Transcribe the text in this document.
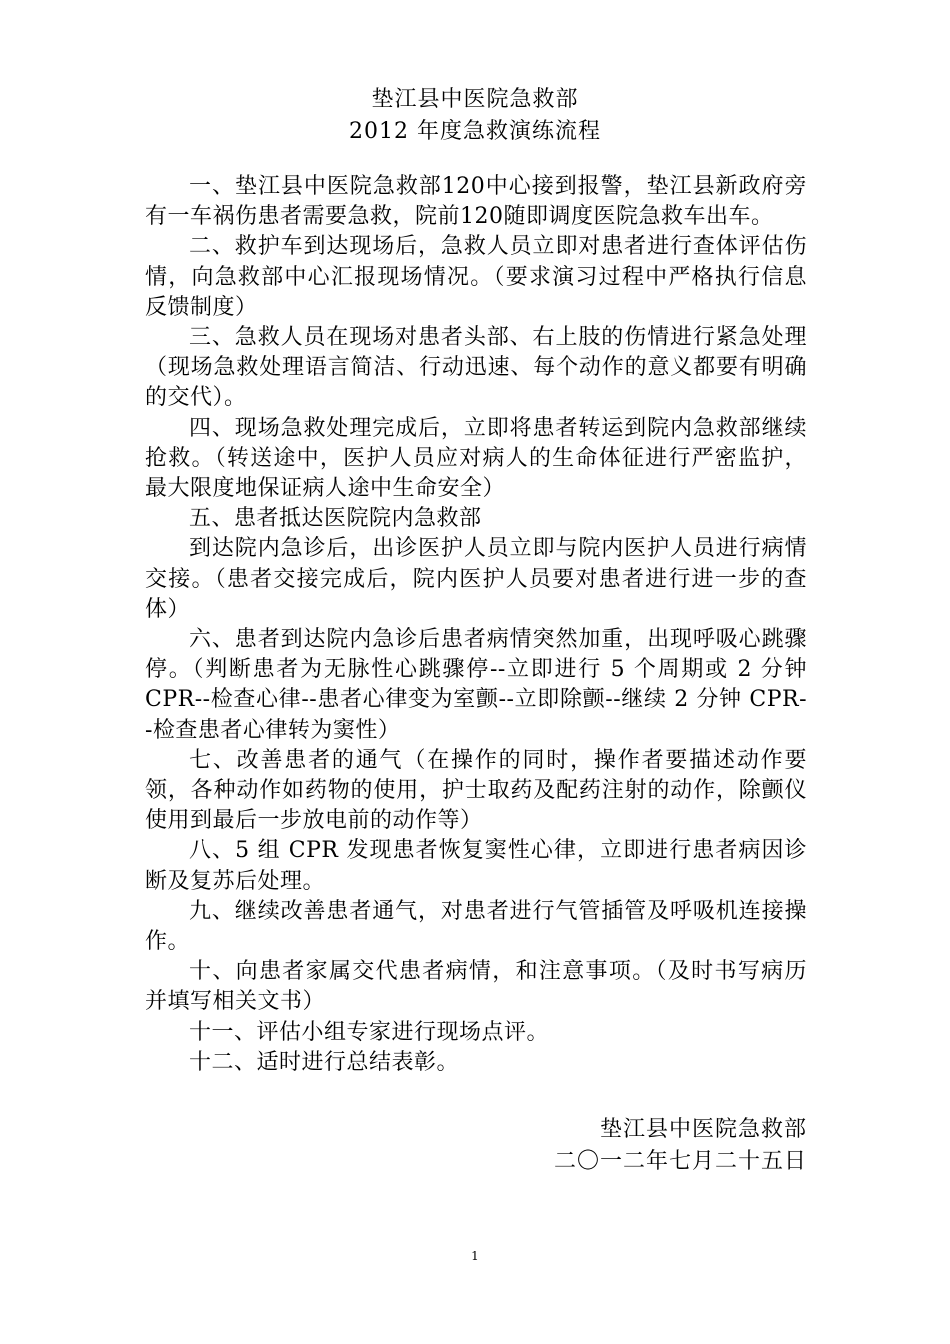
垫江县中医院急救部
2012 年度急救演练流程

一、垫江县中医院急救部120中心接到报警，垫江县新政府旁有一车祸伤患者需要急救，院前120随即调度医院急救车出车。

二、救护车到达现场后，急救人员立即对患者进行查体评估伤情，向急救部中心汇报现场情况。（要求演习过程中严格执行信息反馈制度）

三、急救人员在现场对患者头部、右上肢的伤情进行紧急处理（现场急救处理语言简洁、行动迅速、每个动作的意义都要有明确的交代）。

四、现场急救处理完成后，立即将患者转运到院内急救部继续抢救。（转送途中，医护人员应对病人的生命体征进行严密监护，最大限度地保证病人途中生命安全）

五、患者抵达医院院内急救部

到达院内急诊后，出诊医护人员立即与院内医护人员进行病情交接。（患者交接完成后，院内医护人员要对患者进行进一步的查体）

六、患者到达院内急诊后患者病情突然加重，出现呼吸心跳骤停。（判断患者为无脉性心跳骤停--立即进行 5 个周期或 2 分钟 CPR--检查心律--患者心律变为室颤--立即除颤--继续 2 分钟 CPR--检查患者心律转为窦性）

七、改善患者的通气（在操作的同时，操作者要描述动作要领，各种动作如药物的使用，护士取药及配药注射的动作，除颤仪使用到最后一步放电前的动作等）

八、5 组 CPR 发现患者恢复窦性心律，立即进行患者病因诊断及复苏后处理。

九、继续改善患者通气，对患者进行气管插管及呼吸机连接操作。

十、向患者家属交代患者病情，和注意事项。（及时书写病历并填写相关文书）

十一、评估小组专家进行现场点评。

十二、适时进行总结表彰。

垫江县中医院急救部
二〇一二年七月二十五日
1
